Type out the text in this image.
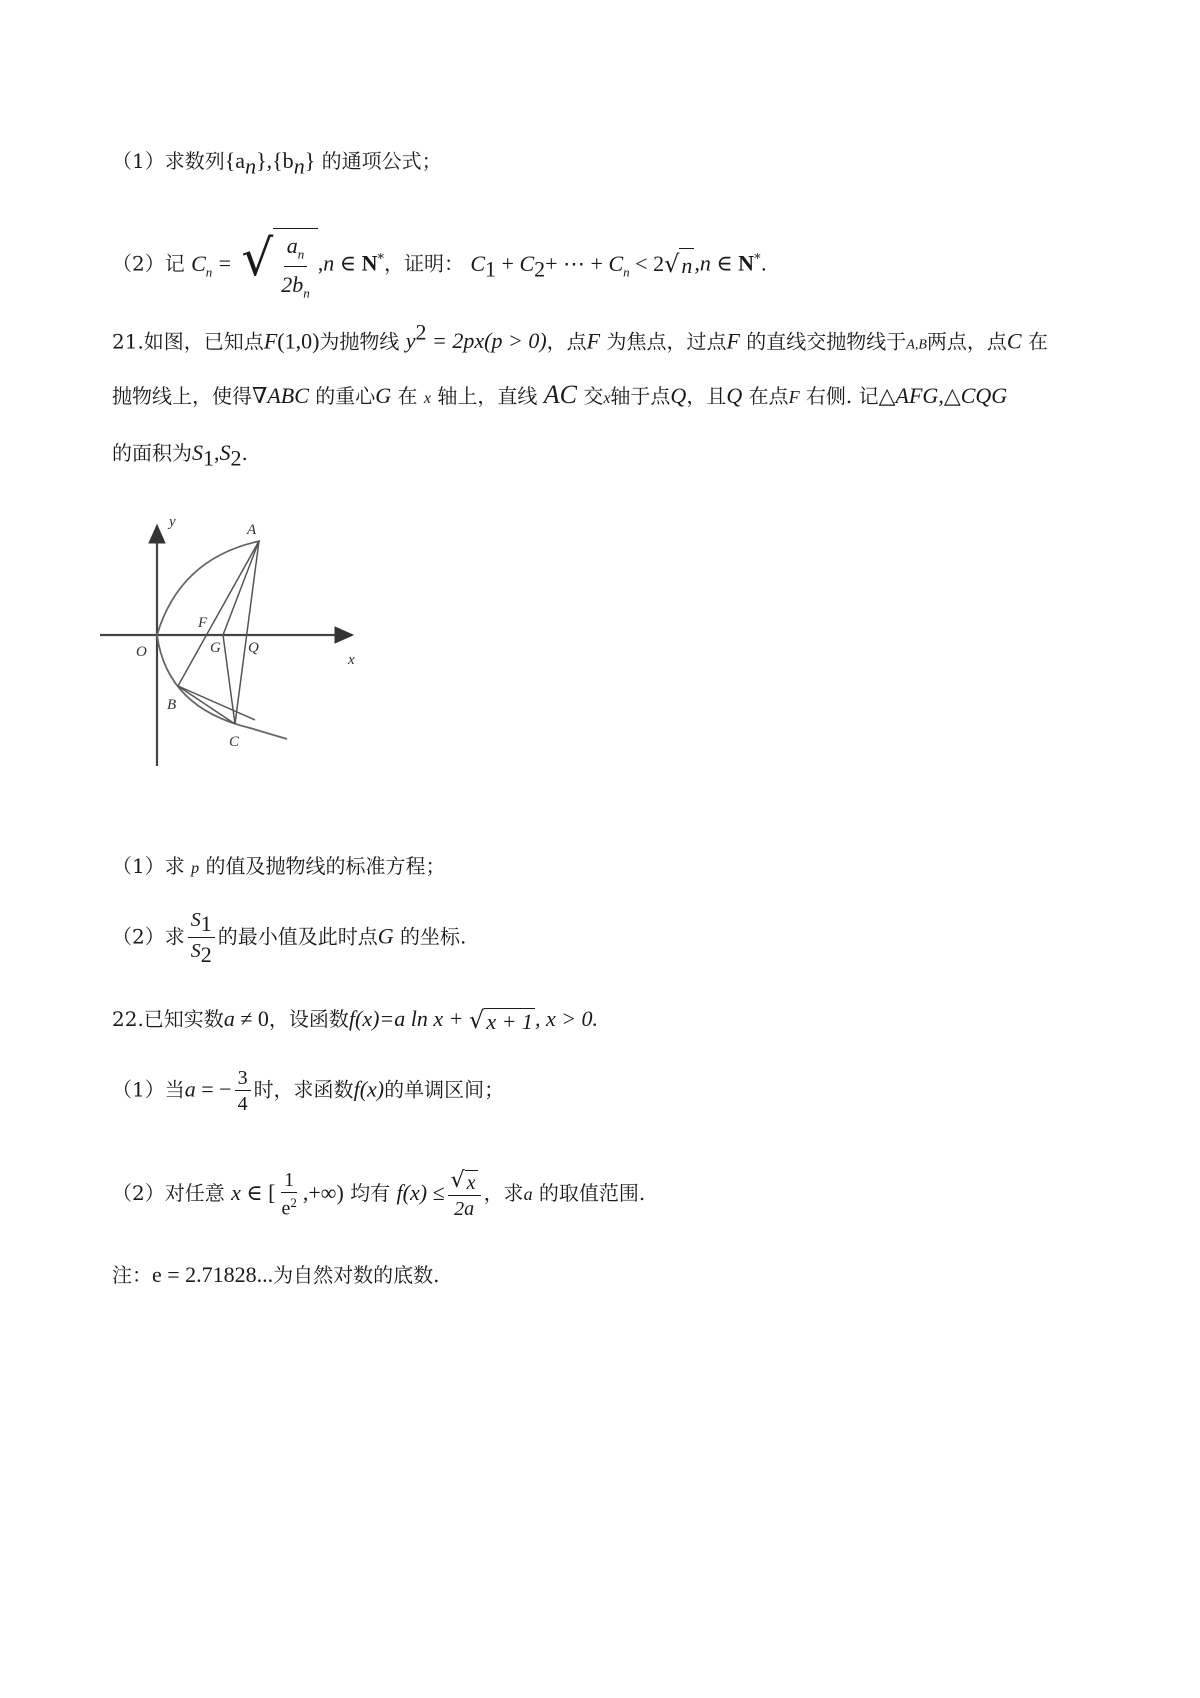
（1）求数列$\{a_n\},\{b_n\}$ 的通项公式；
（2）记 $C_n$ = √ $\frac{a_n}{2b_n} ,n$ ∈ N*，证明： $C_1 + C_2+$ ⋯ + $C_n < 2$ √ n ,n ∈ N*.
21.如图，已知点F(1,0)为抛物线 $y^2 = 2px(p > 0)$，点F 为焦点，过点F 的直线交抛物线于A,B两点，点C 在
抛物线上，使得∇ABC 的重心G 在 x 轴上，直线 AC 交x轴于点Q，且Q 在点F 右侧. 记△AFG,△CQG
的面积为$S_1,S_2$.
y	A
F
O	G Q
x
B
C
（1）求 p 的值及抛物线的标准方程；
（2）求 $\frac{S_1}{S_2}$ 的最小值及此时点G 的坐标.
22.已知实数a ≠ 0，设函数f(x)=a ln x + √ x + 1 , x > 0.
（1）当a = − $\frac{3}{4}$ 时，求函数f(x)的单调区间；
（2）对任意 x ∈ [ $\frac{1}{e^2}$ ,+∞) 均有 $f(x) \le \frac{√ x}{2a}$ ，求a 的取值范围.
注：e = 2.71828...为自然对数的底数.
